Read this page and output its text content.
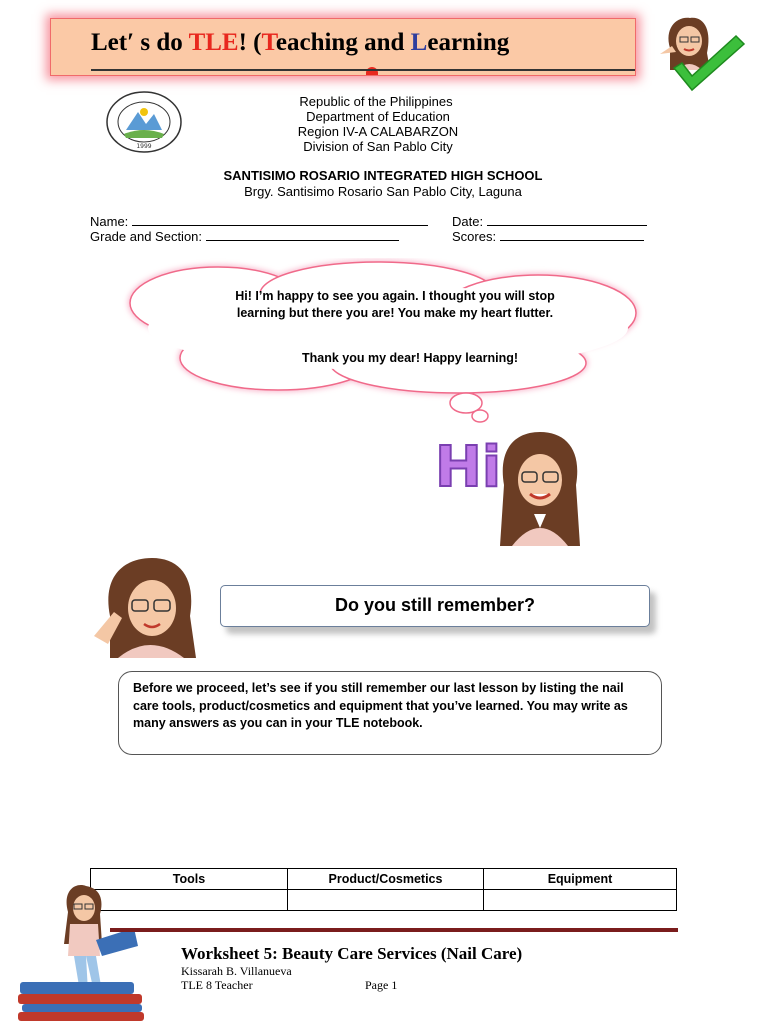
Let′ s do TLE! (Teaching and Learning
1999
Republic of the Philippines
Department of Education
Region IV-A CALABARZON
Division of San Pablo City
SANTISIMO ROSARIO INTEGRATED HIGH SCHOOL
Brgy. Santisimo Rosario San Pablo City, Laguna
Name:	Date:
Grade and Section:	Scores:
Hi! I’m happy to see you again. I thought you will stop learning but there you are! You make my heart flutter.
Thank you my dear! Happy learning!
Hi
Do you still remember?
Before we proceed, let’s see if you still remember our last lesson by listing the nail care tools, product/cosmetics and equipment that you’ve learned. You may write as many answers as you can in your TLE notebook.
Tools	Product/Cosmetics	Equipment

Worksheet 5: Beauty Care Services (Nail Care)
Kissarah B. Villanueva
TLE 8 Teacher	Page 1
